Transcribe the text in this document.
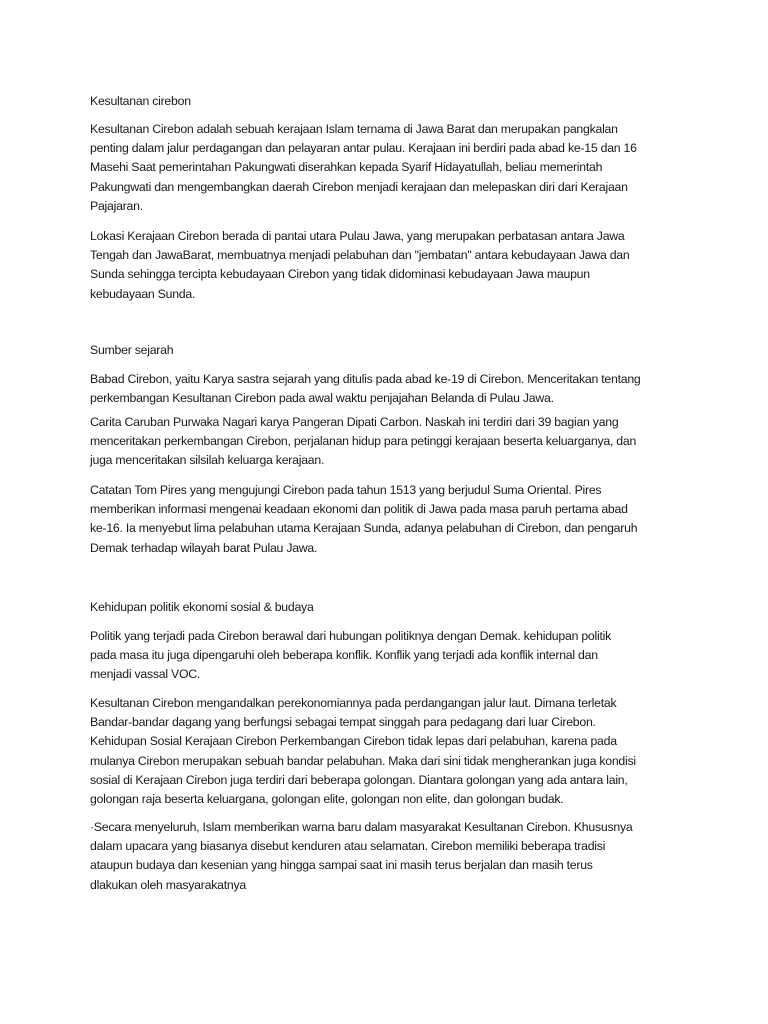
Kesultanan cirebon
Kesultanan Cirebon adalah sebuah kerajaan Islam ternama di Jawa Barat dan merupakan pangkalan
penting dalam jalur perdagangan dan pelayaran antar pulau. Kerajaan ini berdiri pada abad ke-15 dan 16
Masehi Saat pemerintahan Pakungwati diserahkan kepada Syarif Hidayatullah, beliau memerintah
Pakungwati dan mengembangkan daerah Cirebon menjadi kerajaan dan melepaskan diri dari Kerajaan
Pajajaran.
Lokasi Kerajaan Cirebon berada di pantai utara Pulau Jawa, yang merupakan perbatasan antara Jawa
Tengah dan JawaBarat, membuatnya menjadi pelabuhan dan "jembatan" antara kebudayaan Jawa dan
Sunda sehingga tercipta kebudayaan Cirebon yang tidak didominasi kebudayaan Jawa maupun
kebudayaan Sunda.
Sumber sejarah
Babad Cirebon, yaitu Karya sastra sejarah yang ditulis pada abad ke-19 di Cirebon. Menceritakan tentang
perkembangan Kesultanan Cirebon pada awal waktu penjajahan Belanda di Pulau Jawa.
Carita Caruban Purwaka Nagari karya Pangeran Dipati Carbon. Naskah ini terdiri dari 39 bagian yang
menceritakan perkembangan Cirebon, perjalanan hidup para petinggi kerajaan beserta keluarganya, dan
juga menceritakan silsilah keluarga kerajaan.
Catatan Tom Pires yang mengujungi Cirebon pada tahun 1513 yang berjudul Suma Oriental. Pires
memberikan informasi mengenai keadaan ekonomi dan politik di Jawa pada masa paruh pertama abad
ke-16. Ia menyebut lima pelabuhan utama Kerajaan Sunda, adanya pelabuhan di Cirebon, dan pengaruh
Demak terhadap wilayah barat Pulau Jawa.
Kehidupan politik ekonomi sosial & budaya
Politik yang terjadi pada Cirebon berawal dari hubungan politiknya dengan Demak. kehidupan politik
pada masa itu juga dipengaruhi oleh beberapa konflik. Konflik yang terjadi ada konflik internal dan
menjadi vassal VOC.
Kesultanan Cirebon mengandalkan perekonomiannya pada perdangangan jalur laut. Dimana terletak
Bandar-bandar dagang yang berfungsi sebagai tempat singgah para pedagang dari luar Cirebon.
Kehidupan Sosial Kerajaan Cirebon Perkembangan Cirebon tidak lepas dari pelabuhan, karena pada
mulanya Cirebon merupakan sebuah bandar pelabuhan. Maka dari sini tidak mengherankan juga kondisi
sosial di Kerajaan Cirebon juga terdiri dari beberapa golongan. Diantara golongan yang ada antara lain,
golongan raja beserta keluargana, golongan elite, golongan non elite, dan golongan budak.
·Secara menyeluruh, Islam memberikan warna baru dalam masyarakat Kesultanan Cirebon. Khususnya
dalam upacara yang biasanya disebut kenduren atau selamatan. Cirebon memiliki beberapa tradisi
ataupun budaya dan kesenian yang hingga sampai saat ini masih terus berjalan dan masih terus
dlakukan oleh masyarakatnya
